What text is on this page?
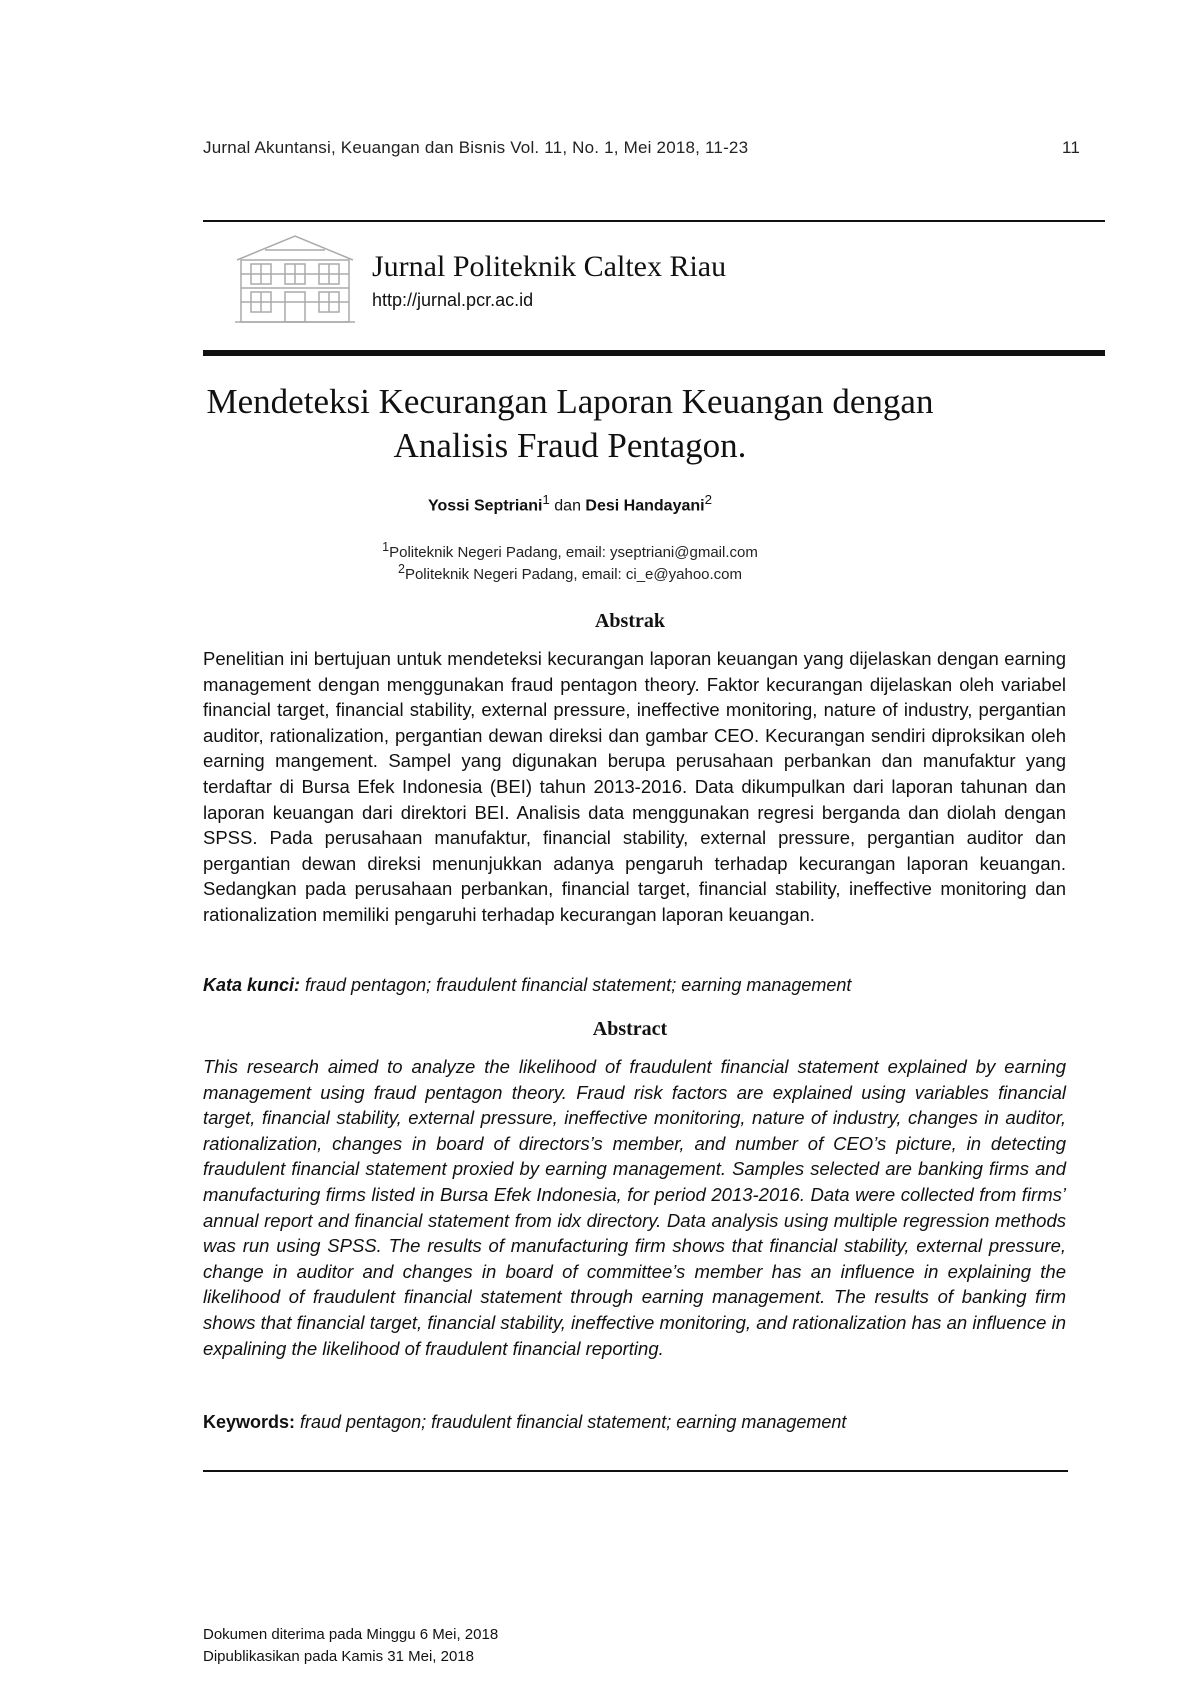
Jurnal Akuntansi, Keuangan dan Bisnis Vol. 11, No. 1, Mei 2018, 11-23	11
Jurnal Politeknik Caltex Riau
http://jurnal.pcr.ac.id
Mendeteksi Kecurangan Laporan Keuangan dengan
Analisis Fraud Pentagon.
Yossi Septriani$^1$ dan Desi Handayani$^2$
$^1$Politeknik Negeri Padang, email: yseptriani@gmail.com
$^2$Politeknik Negeri Padang, email: ci_e@yahoo.com
Abstrak

Penelitian ini bertujuan untuk mendeteksi kecurangan laporan keuangan yang dijelaskan dengan earning management dengan menggunakan fraud pentagon theory. Faktor kecurangan dijelaskan oleh variabel financial target, financial stability, external pressure, ineffective monitoring, nature of industry, pergantian auditor, rationalization, pergantian dewan direksi dan gambar CEO. Kecurangan sendiri diproksikan oleh earning mangement. Sampel yang digunakan berupa perusahaan perbankan dan manufaktur yang terdaftar di Bursa Efek Indonesia (BEI) tahun 2013-2016. Data dikumpulkan dari laporan tahunan dan laporan keuangan dari direktori BEI. Analisis data menggunakan regresi berganda dan diolah dengan SPSS. Pada perusahaan manufaktur, financial stability, external pressure, pergantian auditor dan pergantian dewan direksi menunjukkan adanya pengaruh terhadap kecurangan laporan keuangan. Sedangkan pada perusahaan perbankan, financial target, financial stability, ineffective monitoring dan rationalization memiliki pengaruhi terhadap kecurangan laporan keuangan.

Kata kunci: fraud pentagon; fraudulent financial statement; earning management
Abstract

This research aimed to analyze the likelihood of fraudulent financial statement explained by earning management using fraud pentagon theory. Fraud risk factors are explained using variables financial target, financial stability, external pressure, ineffective monitoring, nature of industry, changes in auditor, rationalization, changes in board of directors’s member, and number of CEO’s picture, in detecting fraudulent financial statement proxied by earning management. Samples selected are banking firms and manufacturing firms listed in Bursa Efek Indonesia, for period 2013-2016. Data were collected from firms’ annual report and financial statement from idx directory. Data analysis using multiple regression methods was run using SPSS. The results of manufacturing firm shows that financial stability, external pressure, change in auditor and changes in board of committee’s member has an influence in explaining the likelihood of fraudulent financial statement through earning management. The results of banking firm shows that financial target, financial stability, ineffective monitoring, and rationalization has an influence in expalining the likelihood of fraudulent financial reporting.

Keywords: fraud pentagon; fraudulent financial statement; earning management
Dokumen diterima pada Minggu 6 Mei, 2018
Dipublikasikan pada Kamis 31 Mei, 2018
